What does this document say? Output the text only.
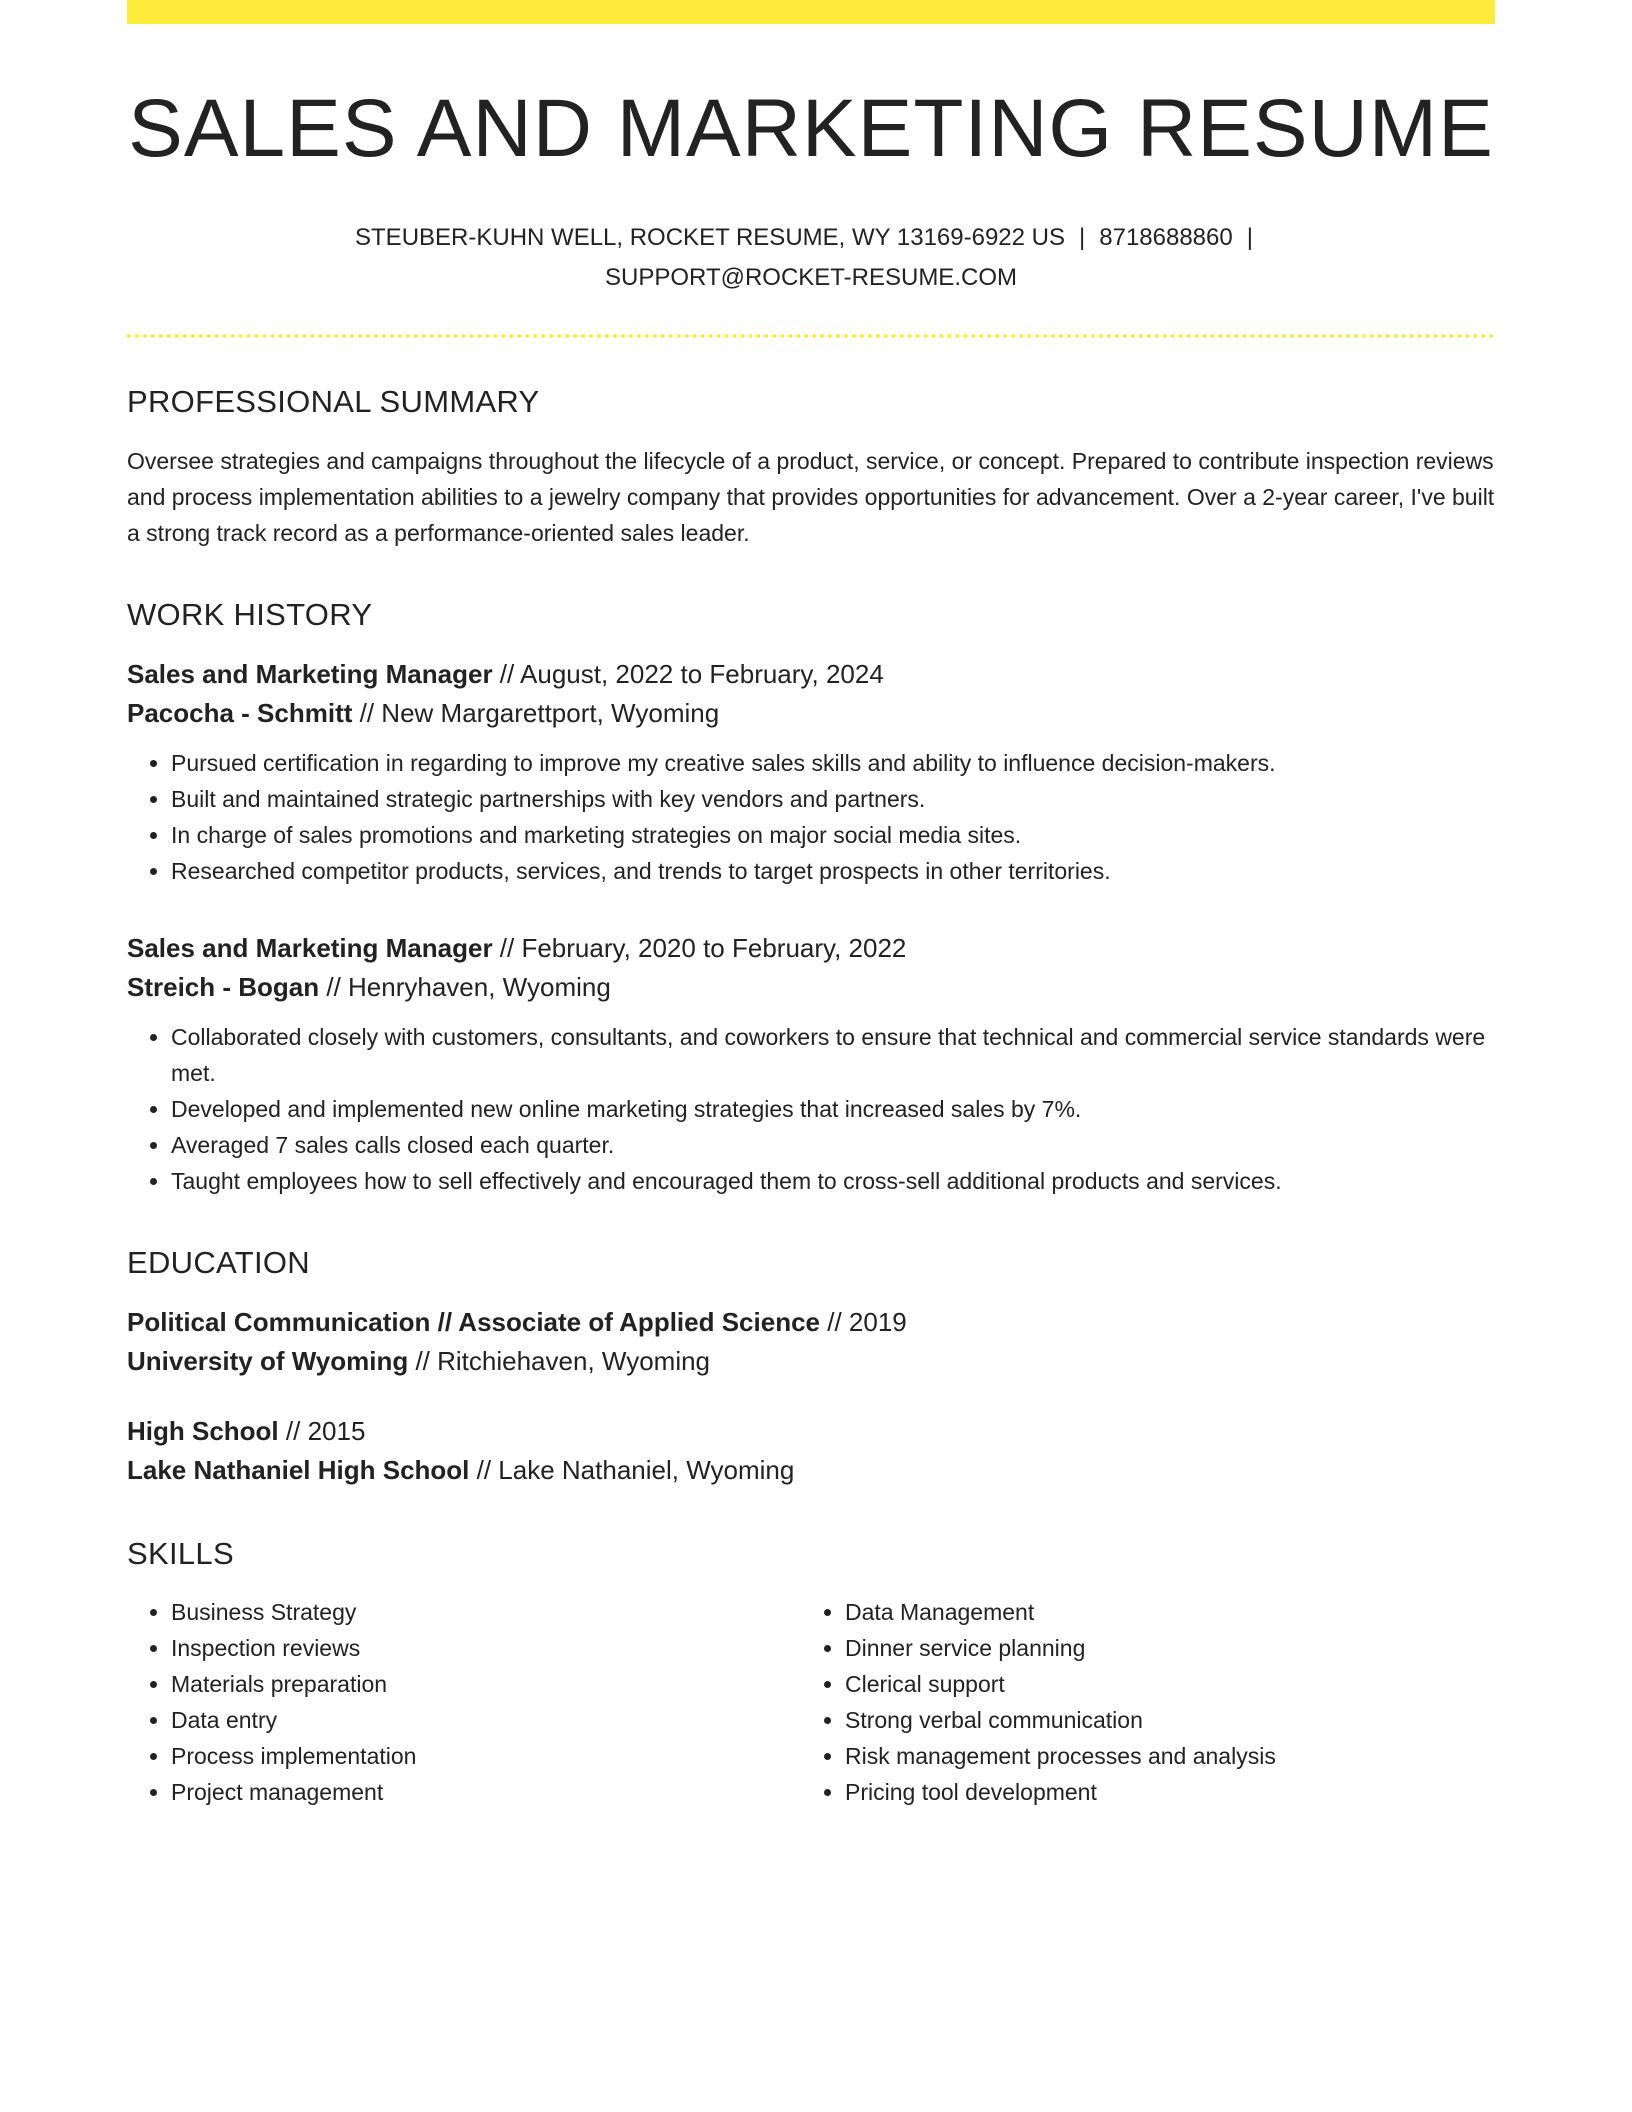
SALES AND MARKETING RESUME
STEUBER-KUHN WELL, ROCKET RESUME, WY 13169-6922 US | 8718688860 |
SUPPORT@ROCKET-RESUME.COM
PROFESSIONAL SUMMARY

Oversee strategies and campaigns throughout the lifecycle of a product, service, or concept. Prepared to contribute inspection reviews and process implementation abilities to a jewelry company that provides opportunities for advancement. Over a 2-year career, I've built a strong track record as a performance-oriented sales leader.

WORK HISTORY
Sales and Marketing Manager // August, 2022 to February, 2024
Pacocha - Schmitt // New Margarettport, Wyoming
• Pursued certification in regarding to improve my creative sales skills and ability to influence decision-makers.
• Built and maintained strategic partnerships with key vendors and partners.
• In charge of sales promotions and marketing strategies on major social media sites.
• Researched competitor products, services, and trends to target prospects in other territories.
Sales and Marketing Manager // February, 2020 to February, 2022
Streich - Bogan // Henryhaven, Wyoming
• Collaborated closely with customers, consultants, and coworkers to ensure that technical and commercial service standards were met.
• Developed and implemented new online marketing strategies that increased sales by 7%.
• Averaged 7 sales calls closed each quarter.
• Taught employees how to sell effectively and encouraged them to cross-sell additional products and services.
EDUCATION
Political Communication // Associate of Applied Science // 2019
University of Wyoming // Ritchiehaven, Wyoming
High School // 2015
Lake Nathaniel High School // Lake Nathaniel, Wyoming
SKILLS
• Business Strategy
• Inspection reviews
• Materials preparation
• Data entry
• Process implementation
• Project management
• Data Management
• Dinner service planning
• Clerical support
• Strong verbal communication
• Risk management processes and analysis
• Pricing tool development
